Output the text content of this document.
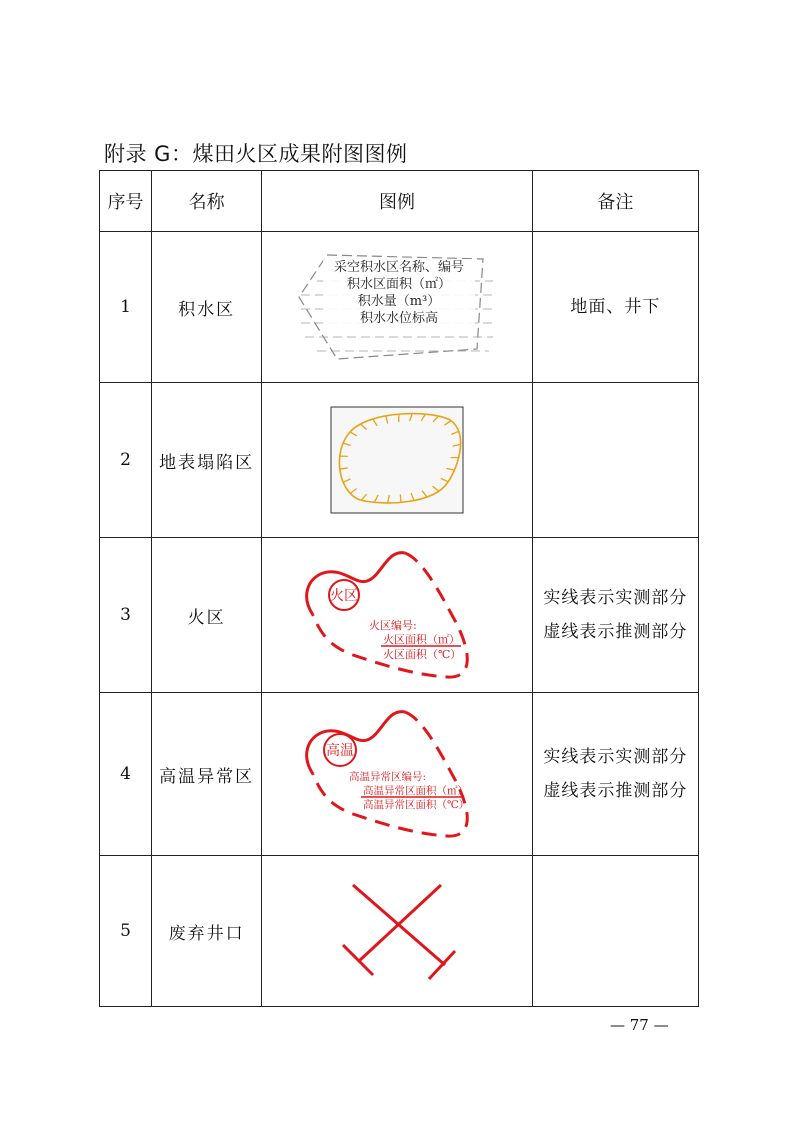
附录 G：煤田火区成果附图图例
序号	名称	图例	备注
1	积水区	采空积水区名称、编号
积水区面积（㎡）
积水量（m³）
积水水位标高	地面、井下

2	地表塌陷区	

3	火区	火区
火区编号:
火区面积（㎡）
火区面积（℃）	实线表示实测部分
虚线表示推测部分

4	高温异常区	高温
高温异常区编号:
高温异常区面积（㎡）
高温异常区面积（℃）	实线表示实测部分
虚线表示推测部分

5	废弃井口	

— 77 —
